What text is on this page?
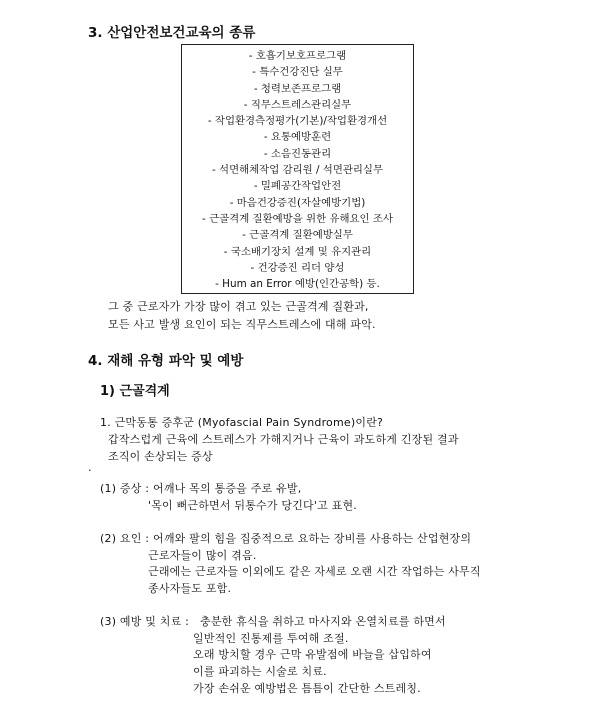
3. 산업안전보건교육의 종류
- 호흡기보호프로그램
- 특수건강진단 실무
- 청력보존프로그램
- 직무스트레스관리실무
- 작업환경측정평가(기본)/작업환경개선
- 요통예방훈련
- 소음진동관리
- 석면해체작업 감리원 / 석면관리실무
- 밀폐공간작업안전
- 마음건강증진(자살예방기법)
- 근골격계 질환예방을 위한 유해요인 조사
- 근골격계 질환예방실무
- 국소배기장치 설계 및 유지관리
- 건강증진 리더 양성
- Hum an Error 예방(인간공학) 등.
그 중 근로자가 가장 많이 겪고 있는 근골격계 질환과,
모든 사고 발생 요인이 되는 직무스트레스에 대해 파악.
4. 재해 유형 파악 및 예방
1) 근골격계
1. 근막동통 증후군 (Myofascial Pain Syndrome)이란?
갑작스럽게 근육에 스트레스가 가해지거나 근육이 과도하게 긴장된 결과
조직이 손상되는 증상
.
(1) 증상 : 어깨나 목의 통증을 주로 유발,
'목이 뻐근하면서 뒤통수가 당긴다'고 표현.
(2) 요인 : 어깨와 팔의 힘을 집중적으로 요하는 장비를 사용하는 산업현장의
근로자들이 많이 겪음.
근래에는 근로자들 이외에도 같은 자세로 오랜 시간 작업하는 사무직
종사자들도 포함.
(3) 예방 및 치료 : 충분한 휴식을 취하고 마사지와 온열치료를 하면서
일반적인 진통제를 투여해 조절.
오래 방치할 경우 근막 유발점에 바늘을 삽입하여
이를 파괴하는 시술로 치료.
가장 손쉬운 예방법은 틈틈이 간단한 스트레칭.
